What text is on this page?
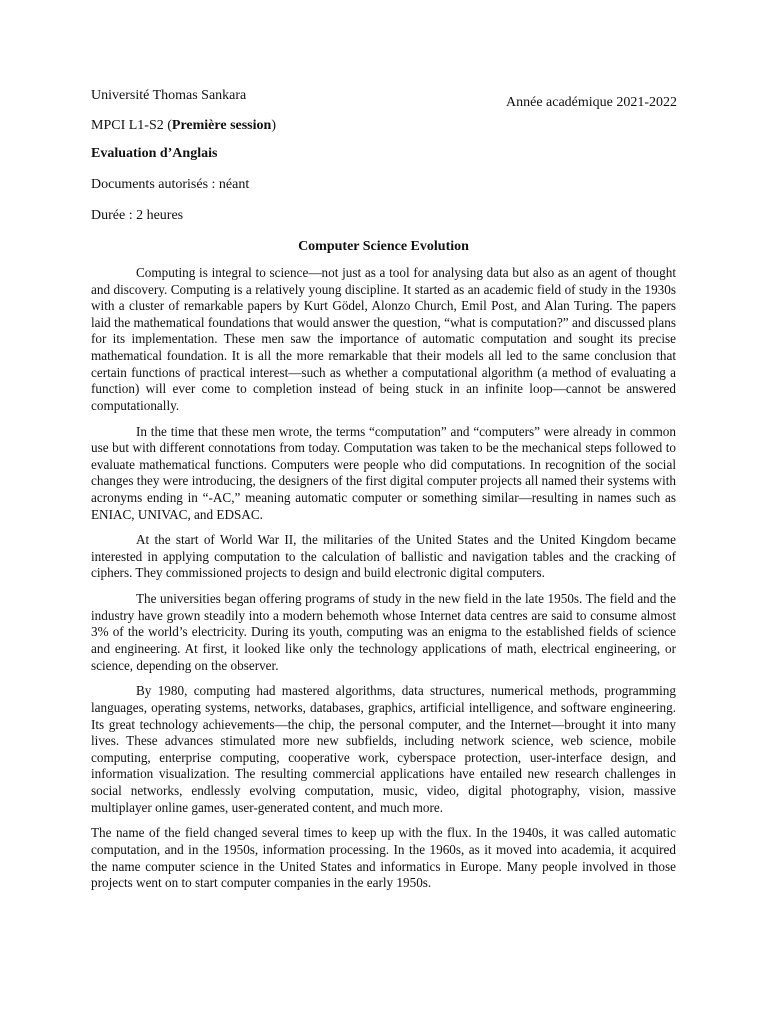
Université Thomas Sankara	Année académique 2021-2022
MPCI L1-S2 (Première session)
Evaluation d’Anglais
Documents autorisés : néant
Durée : 2 heures
Computer Science Evolution

Computing is integral to science—not just as a tool for analysing data but also as an agent of thought and discovery. Computing is a relatively young discipline. It started as an academic field of study in the 1930s with a cluster of remarkable papers by Kurt Gödel, Alonzo Church, Emil Post, and Alan Turing. The papers laid the mathematical foundations that would answer the question, “what is computation?” and discussed plans for its implementation. These men saw the importance of automatic computation and sought its precise mathematical foundation. It is all the more remarkable that their models all led to the same conclusion that certain functions of practical interest—such as whether a computational algorithm (a method of evaluating a function) will ever come to completion instead of being stuck in an infinite loop—cannot be answered computationally.

In the time that these men wrote, the terms “computation” and “computers” were already in common use but with different connotations from today. Computation was taken to be the mechanical steps followed to evaluate mathematical functions. Computers were people who did computations. In recognition of the social changes they were introducing, the designers of the first digital computer projects all named their systems with acronyms ending in “-AC,” meaning automatic computer or something similar—resulting in names such as ENIAC, UNIVAC, and EDSAC.

At the start of World War II, the militaries of the United States and the United Kingdom became interested in applying computation to the calculation of ballistic and navigation tables and the cracking of ciphers. They commissioned projects to design and build electronic digital computers.

The universities began offering programs of study in the new field in the late 1950s. The field and the industry have grown steadily into a modern behemoth whose Internet data centres are said to consume almost 3% of the world’s electricity. During its youth, computing was an enigma to the established fields of science and engineering. At first, it looked like only the technology applications of math, electrical engineering, or science, depending on the observer.

By 1980, computing had mastered algorithms, data structures, numerical methods, programming languages, operating systems, networks, databases, graphics, artificial intelligence, and software engineering. Its great technology achievements—the chip, the personal computer, and the Internet—brought it into many lives. These advances stimulated more new subfields, including network science, web science, mobile computing, enterprise computing, cooperative work, cyberspace protection, user-interface design, and information visualization. The resulting commercial applications have entailed new research challenges in social networks, endlessly evolving computation, music, video, digital photography, vision, massive multiplayer online games, user-generated content, and much more.

The name of the field changed several times to keep up with the flux. In the 1940s, it was called automatic computation, and in the 1950s, information processing. In the 1960s, as it moved into academia, it acquired the name computer science in the United States and informatics in Europe. Many people involved in those projects went on to start computer companies in the early 1950s.
